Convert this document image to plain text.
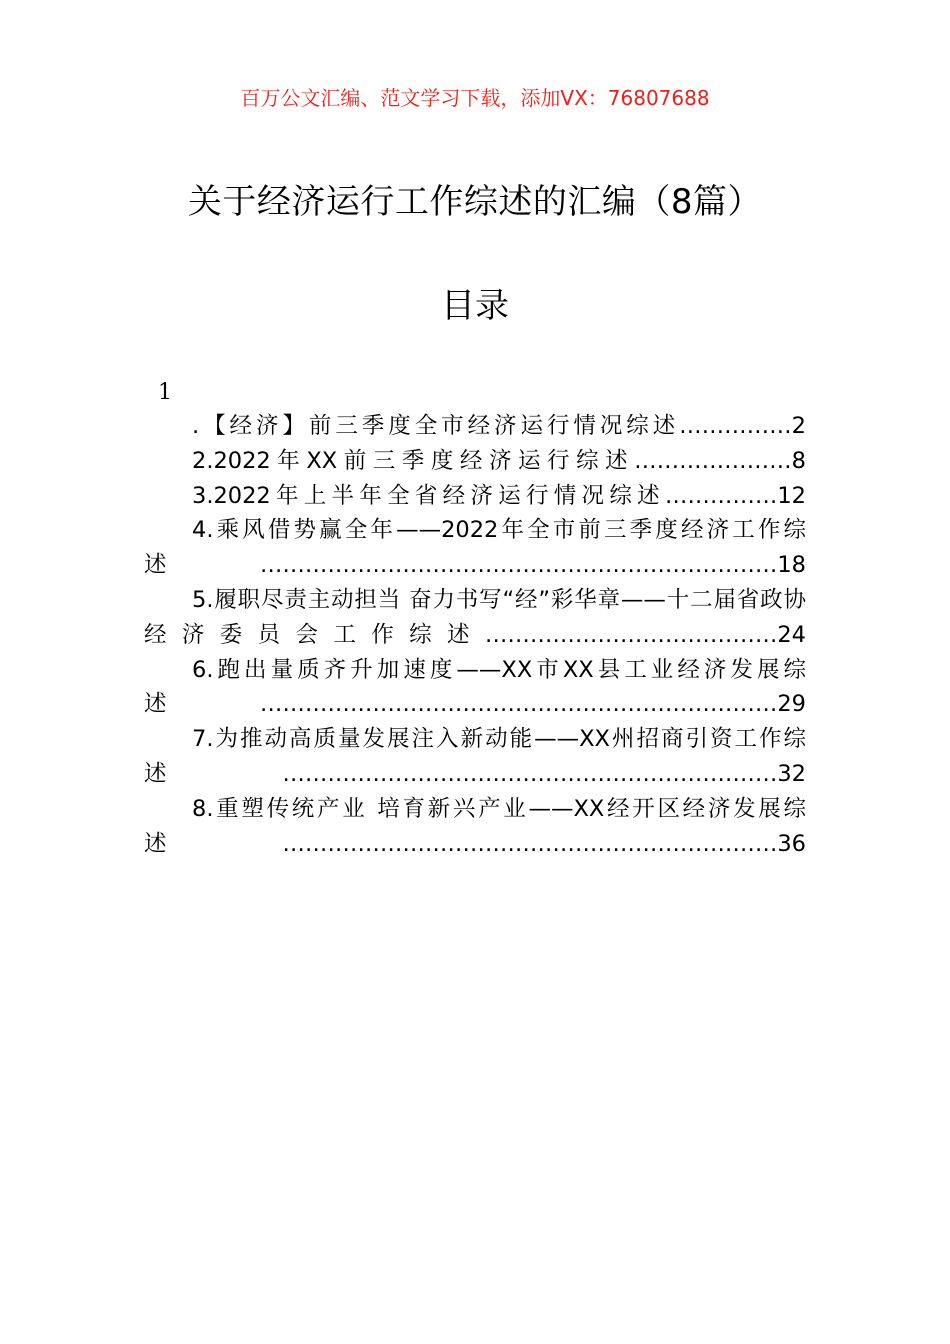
百万公文汇编、范文学习下载，添加VX：76807688
关于经济运行工作综述的汇编（8篇）
目录
1
.【经济】前三季度全市经济运行情况综述……………2
2.2022年XX前三季度经济运行综述…………………8
3.2022年上半年全省经济运行情况综述……………12
4.乘风借势赢全年——2022年全市前三季度经济工作综述……………………………………………………………18
5.履职尽责主动担当 奋力书写“经”彩华章——十二届省政协经济委员会工作综述…………………………………24
6.跑出量质齐升加速度——XX市XX县工业经济发展综述……………………………………………………………29
7.为推动高质量发展注入新动能——XX州招商引资工作综述…………………………………………………………32
8.重塑传统产业 培育新兴产业——XX经开区经济发展综述…………………………………………………………36
